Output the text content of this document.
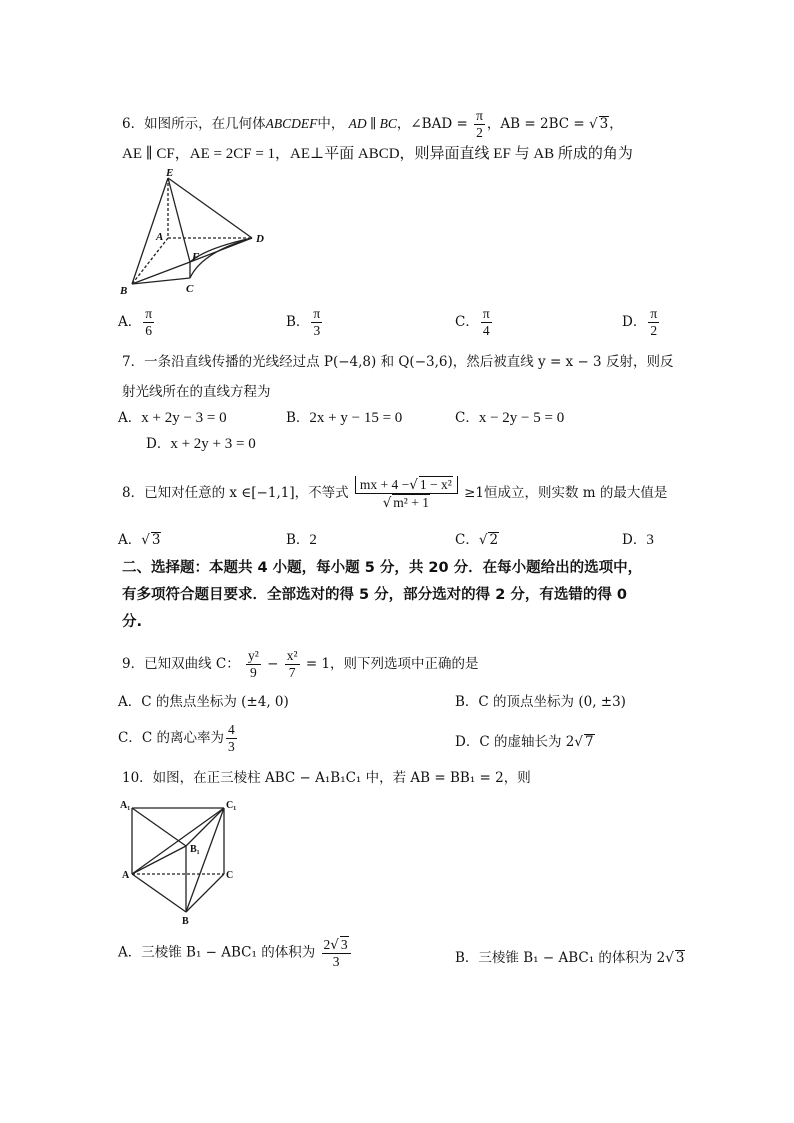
6．如图所示，在几何体ABCDEF中， AD ∥ BC，∠BAD = $\frac{\pi}{2}$ ，AB = 2BC = √ 3，
AE ∥ CF，AE = 2CF = 1，AE⊥平面 ABCD，则异面直线 EF 与 AB 所成的角为
E
A	D
F
B	C
A． $\frac{\pi}{6}$	B． $\frac{\pi}{3}$	C． $\frac{\pi}{4}$	D． $\frac{\pi}{2}$
7．一条沿直线传播的光线经过点 P(−4,8) 和 Q(−3,6)，然后被直线 y = x − 3 反射，则反
射光线所在的直线方程为
A．x + 2y − 3 = 0	B．2x + y − 15 = 0	C．x − 2y − 5 = 0
D．x + 2y + 3 = 0
8．已知对任意的 x ∈[−1,1]，不等式 $\frac{\text{mx + 4 −√ 1 − x²}}{\text{√ m² + 1}} \ge 1$恒成立，则实数 m 的最大值是
A．√ 3	B．2	C．√ 2	D．3
二、选择题：本题共 4 小题，每小题 5 分，共 20 分．在每小题给出的选项中，
有多项符合题目要求．全部选对的得 5 分，部分选对的得 2 分，有选错的得 0
分.
9．已知双曲线 C： $\frac{\text{y²}}{9} - \frac{\text{x²}}{7} = 1$，则下列选项中正确的是
A．C 的焦点坐标为 (±4, 0)	B．C 的顶点坐标为 (0, ±3)
C．C 的离心率为 $\frac{4}{3}$	D．C 的虚轴长为 2√ 7
10．如图，在正三棱柱 ABC − A₁B₁C₁ 中，若 AB = BB₁ = 2，则
A₁	C₁
B₁
A	C
B
A．三棱锥 B₁ − ABC₁ 的体积为 $\frac{2√ 3}{3}$	B．三棱锥 B₁ − ABC₁ 的体积为 2√ 3
